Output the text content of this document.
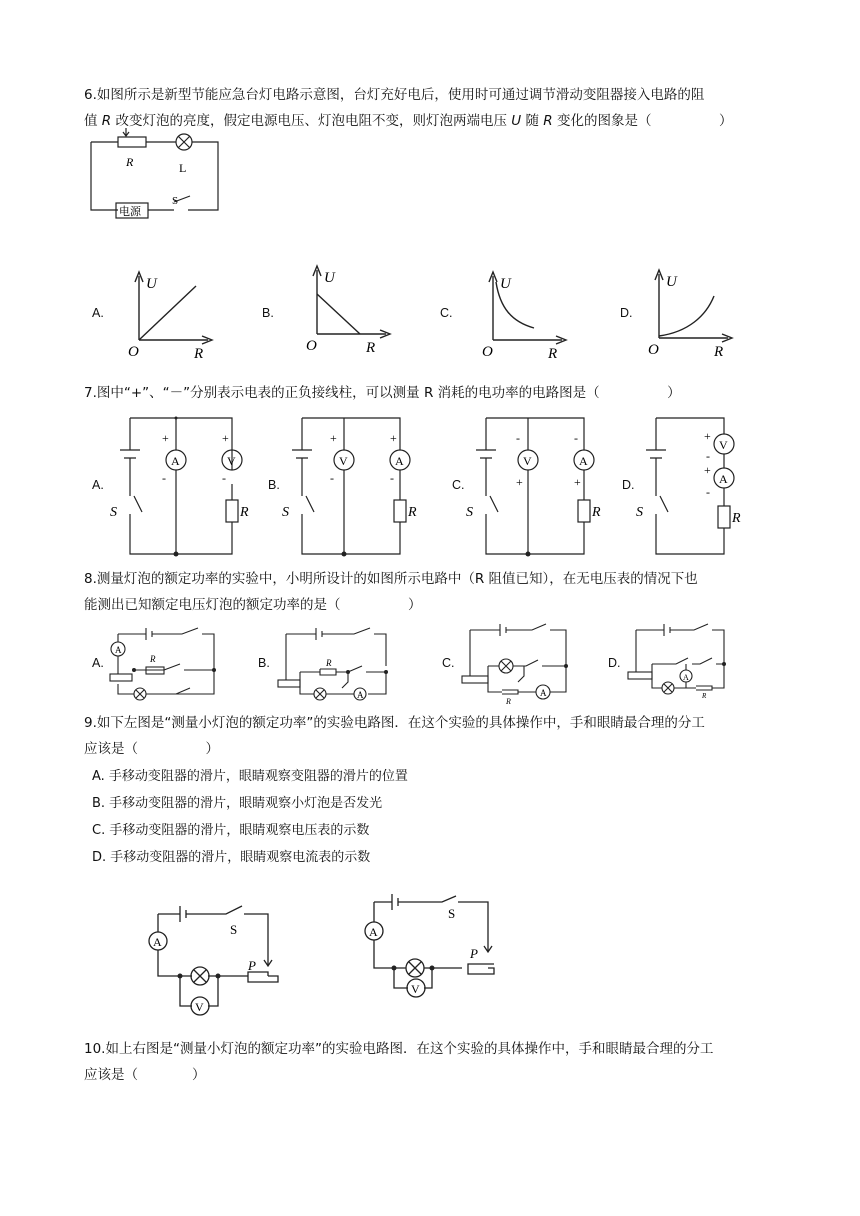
6.如图所示是新型节能应急台灯电路示意图，台灯充好电后，使用时可通过调节滑动变阻器接入电路的阻
值 R 改变灯泡的亮度，假定电源电压、灯泡电阻不变，则灯泡两端电压 U 随 R 变化的图象是（　　　　　）
R	L
S
电源
A.
U
O	R
B.
U
O	R
C.
U
O	R
D.
U
O	R
7.图中“+”、“－”分别表示电表的正负接线柱，可以测量 R 消耗的电功率的电路图是（　　　　　）
A.
A	V
+
-
+
-
S	R
B.
V	A
+
-
+
-
S	R
C.
V	A
-
+
-
+
S	R
D.
V
A
+
-
+
-
S	R
8.测量灯泡的额定功率的实验中，小明所设计的如图所示电路中（R 阻值已知），在无电压表的情况下也
能测出已知额定电压灯泡的额定功率的是（　　　　　）
A.
A
R	B.	R
A
C.
R
A
D.
A
R
9.如下左图是“测量小灯泡的额定功率”的实验电路图．在这个实验的具体操作中，手和眼睛最合理的分工
应该是（　　　　　）
A. 手移动变阻器的滑片，眼睛观察变阻器的滑片的位置
B. 手移动变阻器的滑片，眼睛观察小灯泡是否发光
C. 手移动变阻器的滑片，眼睛观察电压表的示数
D. 手移动变阻器的滑片，眼睛观察电流表的示数
A
V
S
P
A
V
S
P
10.如上右图是“测量小灯泡的额定功率”的实验电路图．在这个实验的具体操作中，手和眼睛最合理的分工
应该是（　　　　）
